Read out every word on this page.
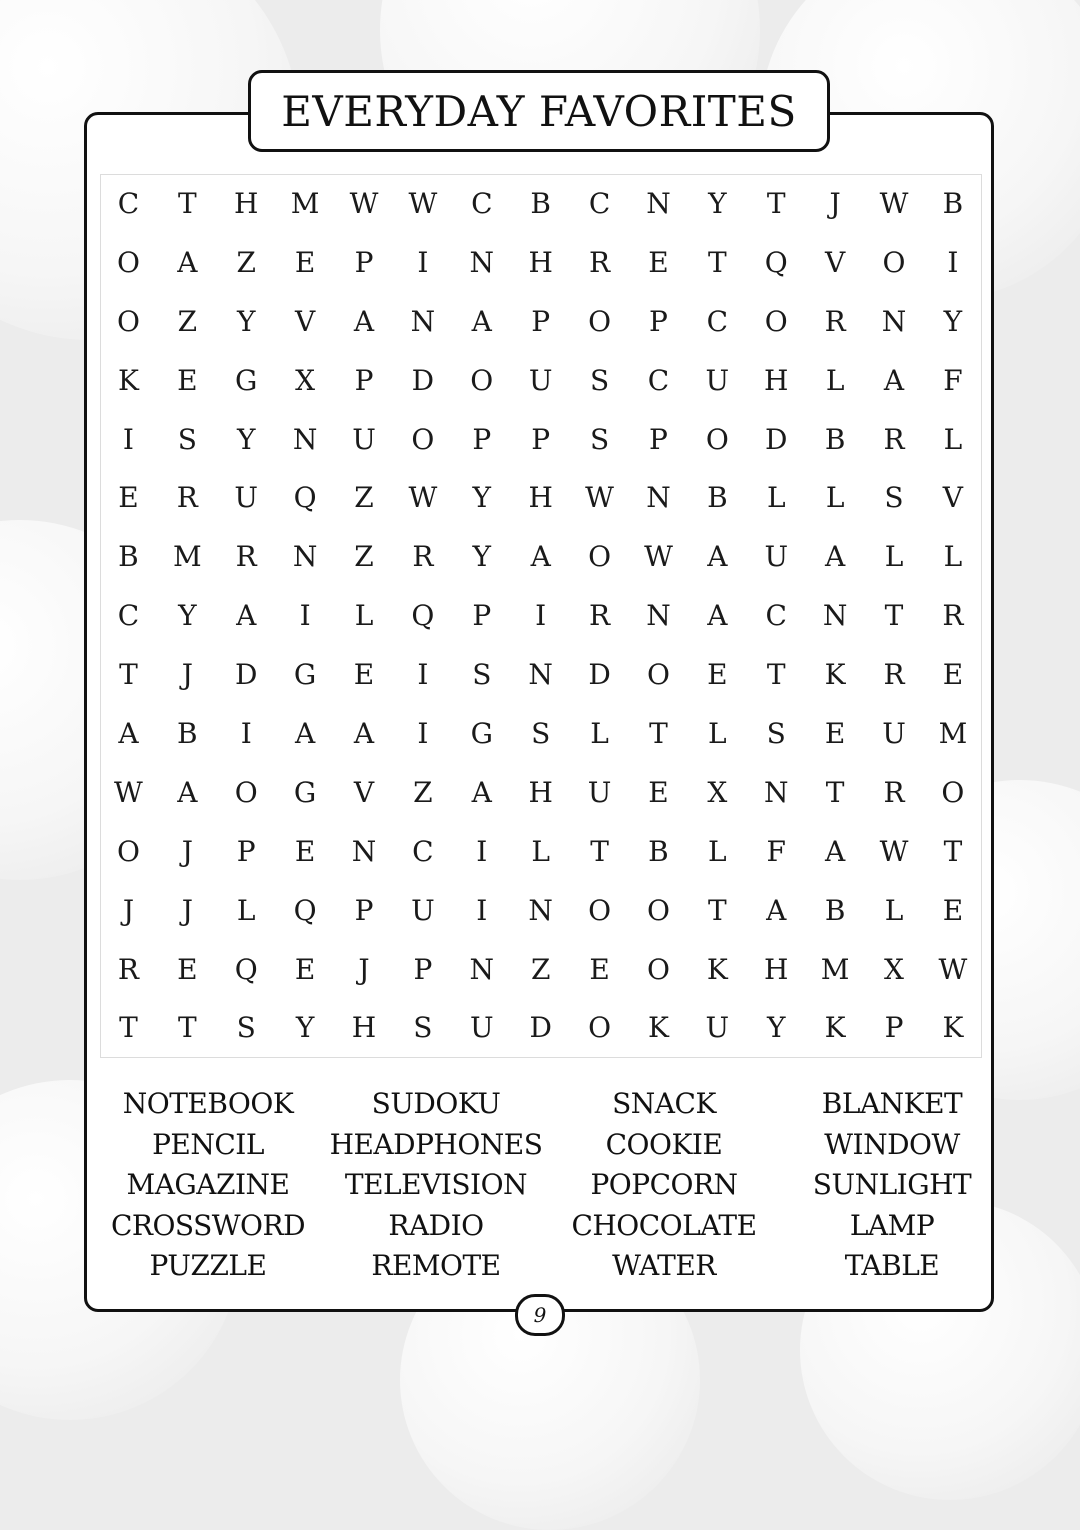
EVERYDAY FAVORITES
C	T	H	M	W	W	C	B	C	N	Y	T	J	W	B
O	A	Z	E	P	I	N	H	R	E	T	Q	V	O	I
O	Z	Y	V	A	N	A	P	O	P	C	O	R	N	Y
K	E	G	X	P	D	O	U	S	C	U	H	L	A	F
I	S	Y	N	U	O	P	P	S	P	O	D	B	R	L
E	R	U	Q	Z	W	Y	H	W	N	B	L	L	S	V
B	M	R	N	Z	R	Y	A	O	W	A	U	A	L	L
C	Y	A	I	L	Q	P	I	R	N	A	C	N	T	R
T	J	D	G	E	I	S	N	D	O	E	T	K	R	E
A	B	I	A	A	I	G	S	L	T	L	S	E	U	M
W	A	O	G	V	Z	A	H	U	E	X	N	T	R	O
O	J	P	E	N	C	I	L	T	B	L	F	A	W	T
J	J	L	Q	P	U	I	N	O	O	T	A	B	L	E
R	E	Q	E	J	P	N	Z	E	O	K	H	M	X	W
T	T	S	Y	H	S	U	D	O	K	U	Y	K	P	K
NOTEBOOK
PENCIL
MAGAZINE
CROSSWORD
PUZZLE
SUDOKU
HEADPHONES
TELEVISION
RADIO
REMOTE
SNACK
COOKIE
POPCORN
CHOCOLATE
WATER
BLANKET
WINDOW
SUNLIGHT
LAMP
TABLE
9
